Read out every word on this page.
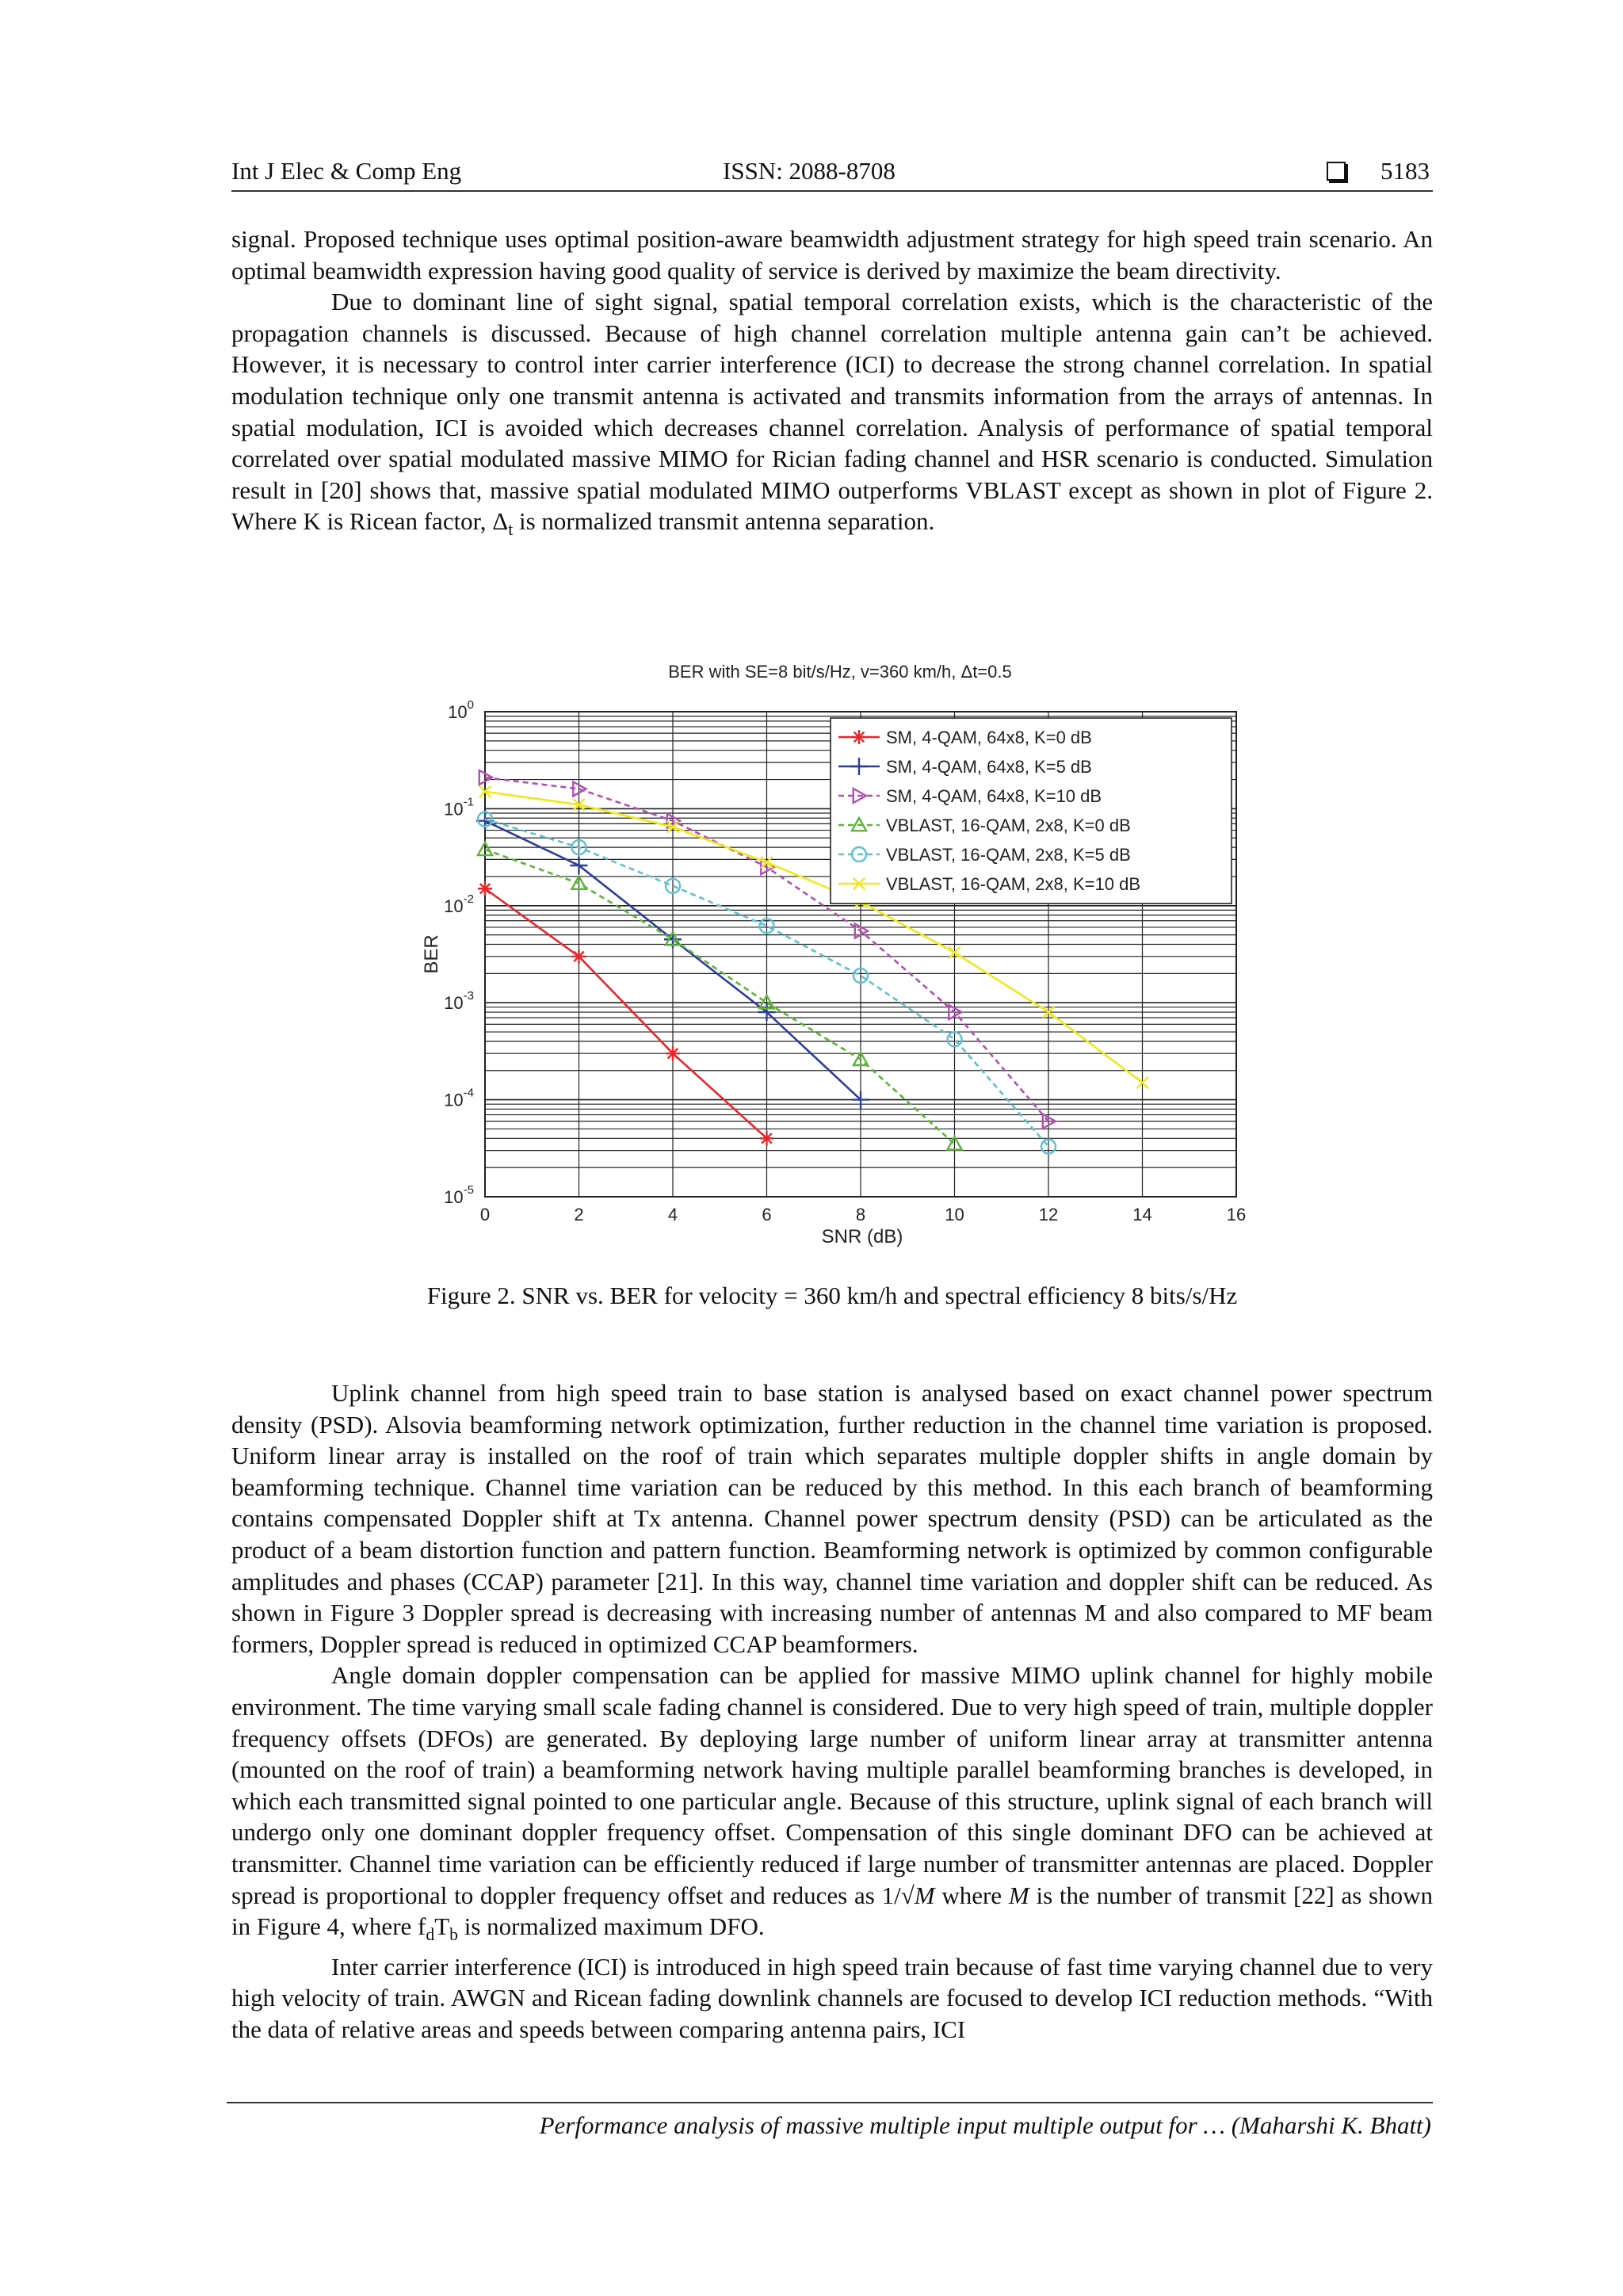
Int J Elec & Comp Eng	ISSN: 2088-8708	5183

signal. Proposed technique uses optimal position-aware beamwidth adjustment strategy for high speed train scenario. An optimal beamwidth expression having good quality of service is derived by maximize the beam directivity.

Due to dominant line of sight signal, spatial temporal correlation exists, which is the characteristic of the propagation channels is discussed. Because of high channel correlation multiple antenna gain can’t be achieved. However, it is necessary to control inter carrier interference (ICI) to decrease the strong channel correlation. In spatial modulation technique only one transmit antenna is activated and transmits information from the arrays of antennas. In spatial modulation, ICI is avoided which decreases channel correlation. Analysis of performance of spatial temporal correlated over spatial modulated massive MIMO for Rician fading channel and HSR scenario is conducted. Simulation result in [20] shows that, massive spatial modulated MIMO outperforms VBLAST except as shown in plot of Figure 2. Where K is Ricean factor, $\Delta_t$ is normalized transmit antenna separation.

BER with SE=8 bit/s/Hz, v=360 km/h, Δt=0.5
0	2	4	6	8	10	12	14	16
$10^0$
$10^{-1}$
$10^{-2}$
$10^{-3}$
$10^{-4}$
$10^{-5}$
SM, 4-QAM, 64x8, K=0 dB
SM, 4-QAM, 64x8, K=5 dB
SM, 4-QAM, 64x8, K=10 dB
VBLAST, 16-QAM, 2x8, K=0 dB
VBLAST, 16-QAM, 2x8, K=5 dB
VBLAST, 16-QAM, 2x8, K=10 dB
SNR (dB)
BER
Figure 2. SNR vs. BER for velocity = 360 km/h and spectral efficiency 8 bits/s/Hz

Uplink channel from high speed train to base station is analysed based on exact channel power spectrum density (PSD). Alsovia beamforming network optimization, further reduction in the channel time variation is proposed. Uniform linear array is installed on the roof of train which separates multiple doppler shifts in angle domain by beamforming technique. Channel time variation can be reduced by this method. In this each branch of beamforming contains compensated Doppler shift at Tx antenna. Channel power spectrum density (PSD) can be articulated as the product of a beam distortion function and pattern function. Beamforming network is optimized by common configurable amplitudes and phases (CCAP) parameter [21]. In this way, channel time variation and doppler shift can be reduced. As shown in Figure 3 Doppler spread is decreasing with increasing number of antennas M and also compared to MF beam formers, Doppler spread is reduced in optimized CCAP beamformers.

Angle domain doppler compensation can be applied for massive MIMO uplink channel for highly mobile environment. The time varying small scale fading channel is considered. Due to very high speed of train, multiple doppler frequency offsets (DFOs) are generated. By deploying large number of uniform linear array at transmitter antenna (mounted on the roof of train) a beamforming network having multiple parallel beamforming branches is developed, in which each transmitted signal pointed to one particular angle. Because of this structure, uplink signal of each branch will undergo only one dominant doppler frequency offset. Compensation of this single dominant DFO can be achieved at transmitter. Channel time variation can be efficiently reduced if large number of transmitter antennas are placed. Doppler spread is proportional to doppler frequency offset and reduces as 1/√M where M is the number of transmit [22] as shown in Figure 4, where $f_dT_b$ is normalized maximum DFO.

Inter carrier interference (ICI) is introduced in high speed train because of fast time varying channel due to very high velocity of train. AWGN and Ricean fading downlink channels are focused to develop ICI reduction methods. “With the data of relative areas and speeds between comparing antenna pairs, ICI

Performance analysis of massive multiple input multiple output for … (Maharshi K. Bhatt)
